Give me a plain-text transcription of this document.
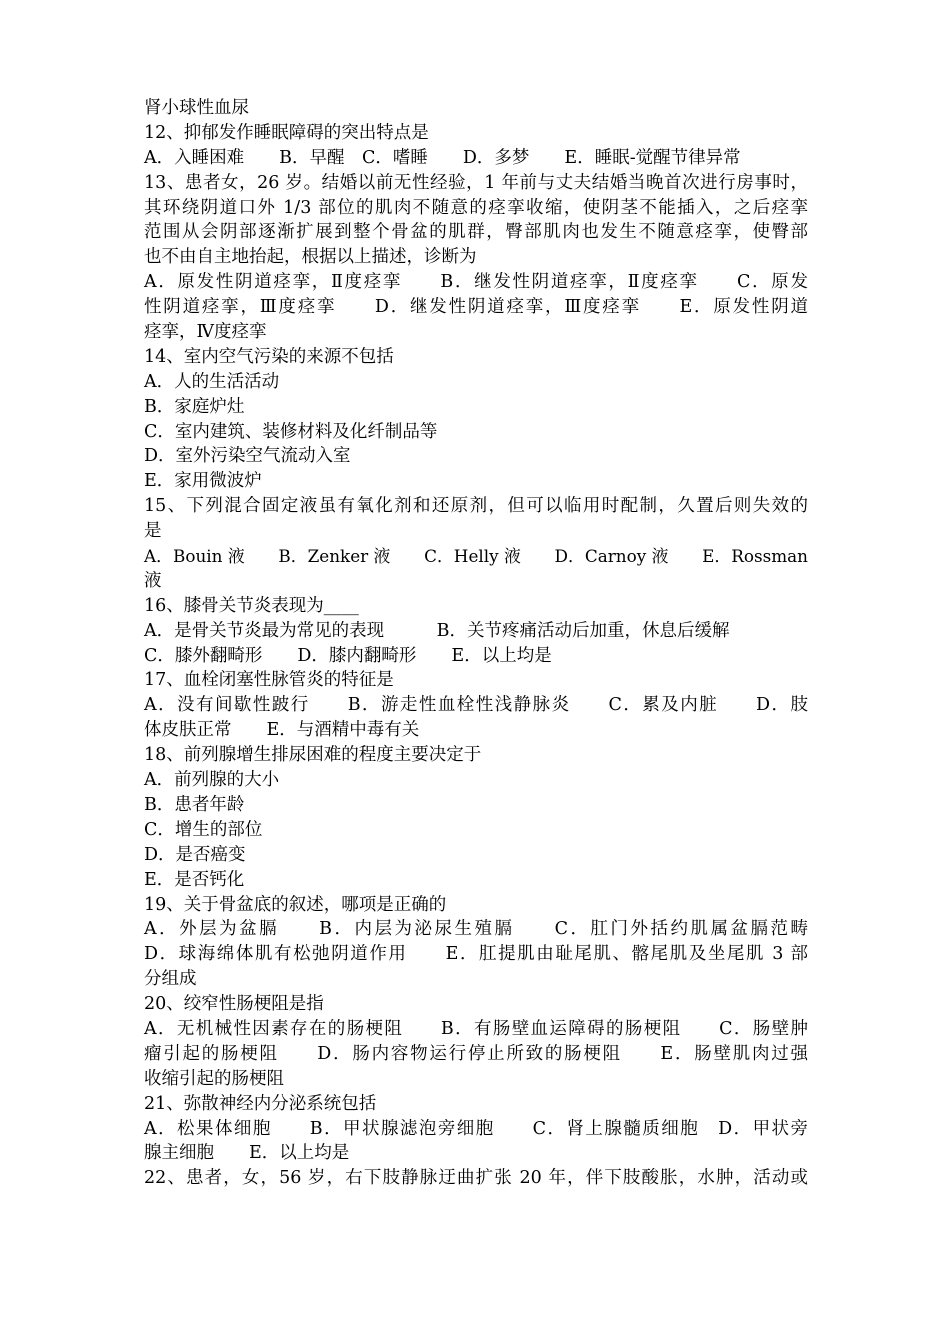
肾小球性血尿
12、抑郁发作睡眠障碍的突出特点是
A．入睡困难　　B．早醒　C．嗜睡　　D．多梦　　E．睡眠-觉醒节律异常
13、患者女，26 岁。结婚以前无性经验，1 年前与丈夫结婚当晚首次进行房事时，
其环绕阴道口外 1/3 部位的肌肉不随意的痉挛收缩，使阴茎不能插入，之后痉挛
范围从会阴部逐渐扩展到整个骨盆的肌群，臀部肌肉也发生不随意痉挛，使臀部
也不由自主地抬起，根据以上描述，诊断为
A．原发性阴道痉挛，Ⅱ度痉挛　　B．继发性阴道痉挛，Ⅱ度痉挛　　C．原发
性阴道痉挛，Ⅲ度痉挛　　D．继发性阴道痉挛，Ⅲ度痉挛　　E．原发性阴道
痉挛，Ⅳ度痉挛
14、室内空气污染的来源不包括
A．人的生活活动
B．家庭炉灶
C．室内建筑、装修材料及化纤制品等
D．室外污染空气流动入室
E．家用微波炉
15、下列混合固定液虽有氧化剂和还原剂，但可以临用时配制，久置后则失效的
是
A．Bouin 液　　B．Zenker 液　　C．Helly 液　　D．Carnoy 液　　E．Rossman
液
16、膝骨关节炎表现为____
A．是骨关节炎最为常见的表现　　　B．关节疼痛活动后加重，休息后缓解
C．膝外翻畸形　　D．膝内翻畸形　　E．以上均是
17、血栓闭塞性脉管炎的特征是
A．没有间歇性跛行　　B．游走性血栓性浅静脉炎　　C．累及内脏　　D．肢
体皮肤正常　　E．与酒精中毒有关
18、前列腺增生排尿困难的程度主要决定于
A．前列腺的大小
B．患者年龄
C．增生的部位
D．是否癌变
E．是否钙化
19、关于骨盆底的叙述，哪项是正确的
A．外层为盆膈　　B．内层为泌尿生殖膈　　C．肛门外括约肌属盆膈范畴
D．球海绵体肌有松弛阴道作用　　E．肛提肌由耻尾肌、髂尾肌及坐尾肌 3 部
分组成
20、绞窄性肠梗阻是指
A．无机械性因素存在的肠梗阻　　B．有肠壁血运障碍的肠梗阻　　C．肠壁肿
瘤引起的肠梗阻　　D．肠内容物运行停止所致的肠梗阻　　E．肠壁肌肉过强
收缩引起的肠梗阻
21、弥散神经内分泌系统包括
A．松果体细胞　　B．甲状腺滤泡旁细胞　　C．肾上腺髓质细胞　D．甲状旁
腺主细胞　　E．以上均是
22、患者，女，56 岁，右下肢静脉迂曲扩张 20 年，伴下肢酸胀，水肿，活动或
